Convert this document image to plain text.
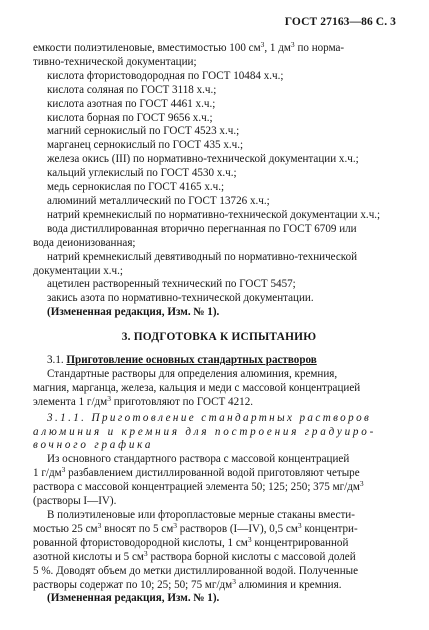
ГОСТ 27163—86 С. 3

емкости полиэтиленовые, вместимостью 100 $см^3$, 1 $дм^3$ по норма-

тивно-технической документации;

кислота фтористоводородная по ГОСТ 10484 х.ч.;

кислота соляная по ГОСТ 3118 х.ч.;

кислота азотная по ГОСТ 4461 х.ч.;

кислота борная по ГОСТ 9656 х.ч.;

магний сернокислый по ГОСТ 4523 х.ч.;

марганец сернокислый по ГОСТ 435 х.ч.;

железа окись (III) по нормативно-технической документации х.ч.;

кальций углекислый по ГОСТ 4530 х.ч.;

медь сернокислая по ГОСТ 4165 х.ч.;

алюминий металлический по ГОСТ 13726 х.ч.;

натрий кремнекислый по нормативно-технической документации х.ч.;

вода дистиллированная вторично перегнанная по ГОСТ 6709 или

вода деионизованная;

натрий кремнекислый девятиводный по нормативно-технической

документации х.ч.;

ацетилен растворенный технический по ГОСТ 5457;

закись азота по нормативно-технической документации.

(Измененная редакция, Изм. № 1).

3. ПОДГОТОВКА К ИСПЫТАНИЮ

3.1. Приготовление основных стандартных растворов

Стандартные растворы для определения алюминия, кремния,

магния, марганца, железа, кальция и меди с массовой концентрацией

элемента 1 $г/дм^3$ приготовляют по ГОСТ 4212.

3.1.1. Приготовление стандартных растворов

алюминия и кремния для построения градуиро-

вочного графика

Из основного стандартного раствора с массовой концентрацией

1 $г/дм^3$ разбавлением дистиллированной водой приготовляют четыре

раствора с массовой концентрацией элемента 50; 125; 250; 375 $мг/дм^3$

(растворы I—IV).

В полиэтиленовые или фторопластовые мерные стаканы вмести-

мостью 25 $см^3$ вносят по 5 $см^3$ растворов (I—IV), 0,5 $см^3$ концентри-

рованной фтористоводородной кислоты, 1 $см^3$ концентрированной

азотной кислоты и 5 $см^3$ раствора борной кислоты с массовой долей

5 %. Доводят объем до метки дистиллированной водой. Полученные

растворы содержат по 10; 25; 50; 75 $мг/дм^3$ алюминия и кремния.

(Измененная редакция, Изм. № 1).
